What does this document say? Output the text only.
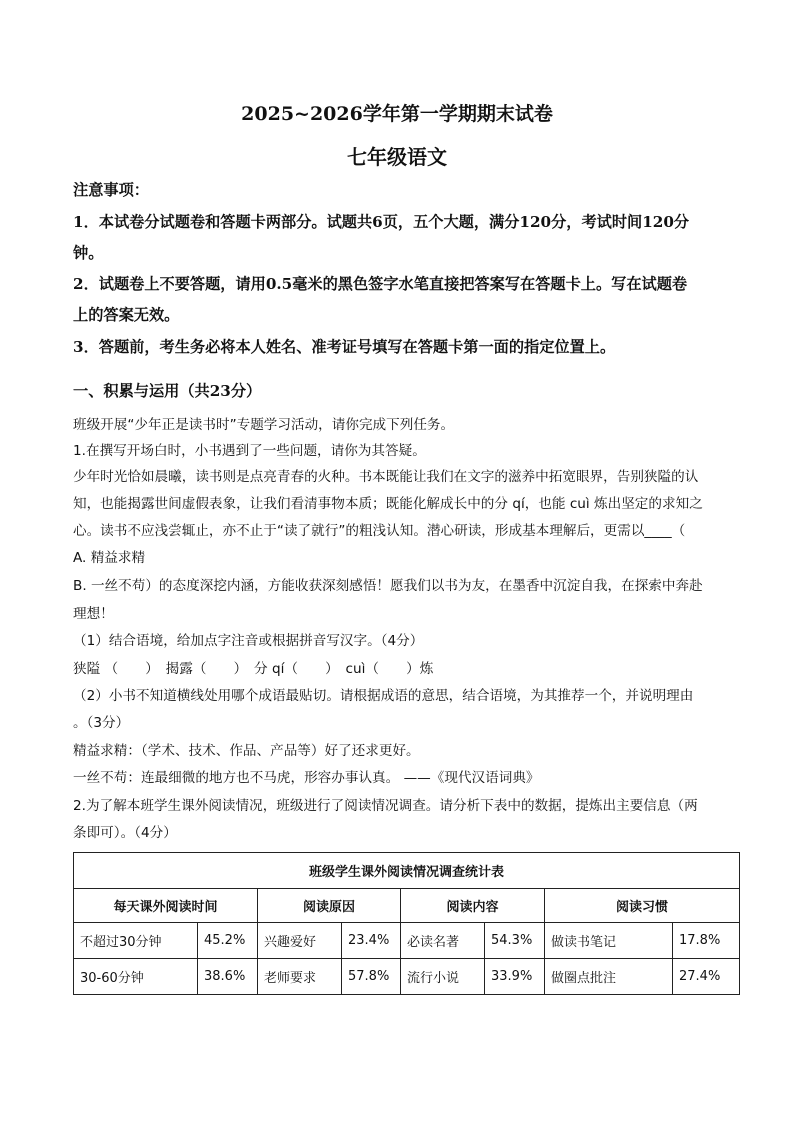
2025~2026学年第一学期期末试卷
七年级语文
注意事项：
1．本试卷分试题卷和答题卡两部分。试题共6页，五个大题，满分120分，考试时间120分
钟。
2．试题卷上不要答题，请用0.5毫米的黑色签字水笔直接把答案写在答题卡上。写在试题卷
上的答案无效。
3．答题前，考生务必将本人姓名、准考证号填写在答题卡第一面的指定位置上。
一、积累与运用（共23分）
班级开展“少年正是读书时”专题学习活动，请你完成下列任务。
1.在撰写开场白时，小书遇到了一些问题，请你为其答疑。
少年时光恰如晨曦，读书则是点亮青春的火种。书本既能让我们在文字的滋养中拓宽眼界，告别狭隘的认
知，也能揭露世间虚假表象，让我们看清事物本质；既能化解成长中的分 qí，也能 cuì 炼出坚定的求知之
心。读书不应浅尝辄止，亦不止于“读了就行”的粗浅认知。潜心研读，形成基本理解后，更需以____（
A. 精益求精
B. 一丝不苟）的态度深挖内涵，方能收获深刻感悟！愿我们以书为友，在墨香中沉淀自我，在探索中奔赴
理想！
（1）结合语境，给加点字注音或根据拼音写汉字。（4分）
狭隘 （　　）　揭露（　　）　分 qí（　　）　cuì（　　）炼
（2）小书不知道横线处用哪个成语最贴切。请根据成语的意思，结合语境，为其推荐一个，并说明理由
。（3分）
精益求精：（学术、技术、作品、产品等）好了还求更好。
一丝不苟：连最细微的地方也不马虎，形容办事认真。 ——《现代汉语词典》
2.为了解本班学生课外阅读情况，班级进行了阅读情况调查。请分析下表中的数据，提炼出主要信息（两
条即可）。（4分）
班级学生课外阅读情况调查统计表							
每天课外阅读时间		阅读原因		阅读内容		阅读习惯	
不超过30分钟	45.2%	兴趣爱好	23.4%	必读名著	54.3%	做读书笔记	17.8%
30-60分钟	38.6%	老师要求	57.8%	流行小说	33.9%	做圈点批注	27.4%
